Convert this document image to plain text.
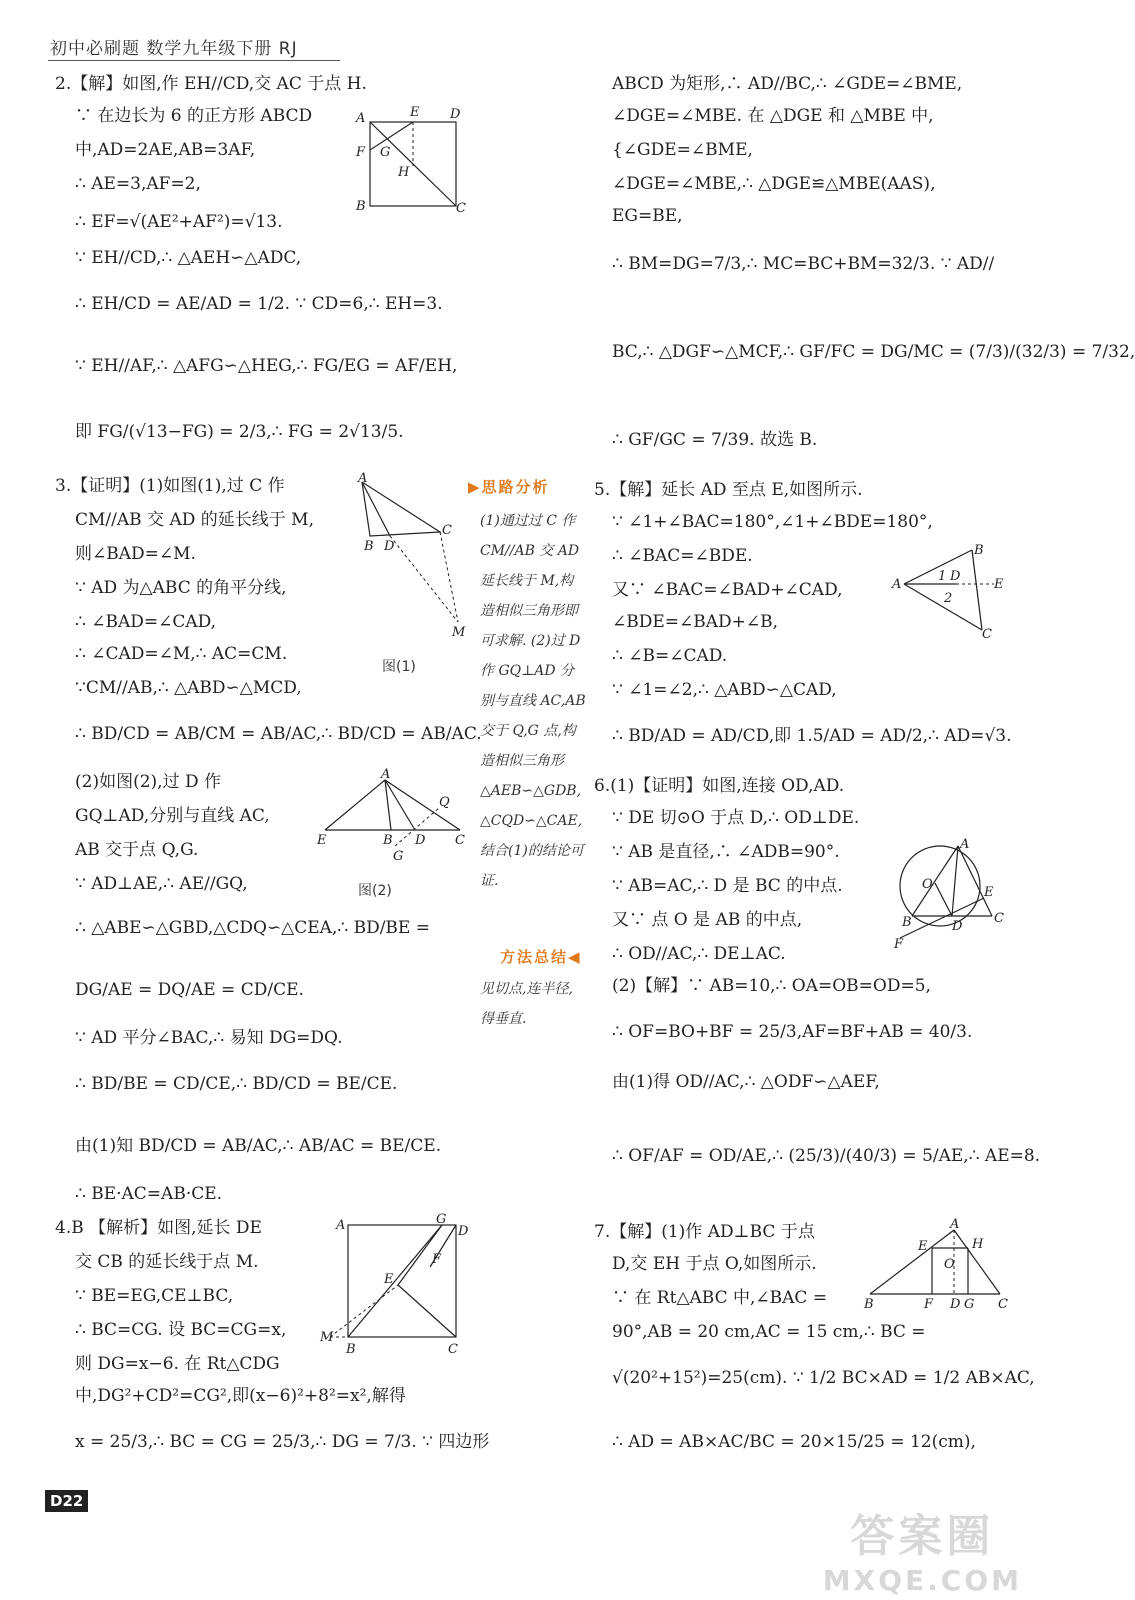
初中必刷题 数学九年级下册 RJ
2.【解】如图,作 EH//CD,交 AC 于点 H.
∵ 在边长为 6 的正方形 ABCD
中,AD=2AE,AB=3AF,
∴ AE=3,AF=2,
∴ EF=√(AE²+AF²)=√13.
∵ EH//CD,∴ △AEH∽△ADC,
∴ EH/CD = AE/AD = 1/2. ∵ CD=6,∴ EH=3.
∵ EH//AF,∴ △AFG∽△HEG,∴ FG/EG = AF/EH,
即 FG/(√13−FG) = 2/3,∴ FG = 2√13/5.
3.【证明】(1)如图(1),过 C 作
CM//AB 交 AD 的延长线于 M,
则∠BAD=∠M.
∵ AD 为△ABC 的角平分线,
∴ ∠BAD=∠CAD,
∴ ∠CAD=∠M,∴ AC=CM.
∵CM//AB,∴ △ABD∽△MCD,
∴ BD/CD = AB/CM = AB/AC,∴ BD/CD = AB/AC.
(2)如图(2),过 D 作
GQ⊥AD,分别与直线 AC,
AB 交于点 Q,G.
∵ AD⊥AE,∴ AE//GQ,
∴ △ABE∽△GBD,△CDQ∽△CEA,∴ BD/BE =
DG/AE = DQ/AE = CD/CE.
∵ AD 平分∠BAC,∴ 易知 DG=DQ.
∴ BD/BE = CD/CE,∴ BD/CD = BE/CE.
由(1)知 BD/CD = AB/AC,∴ AB/AC = BE/CE.
∴ BE·AC=AB·CE.
4.B 【解析】如图,延长 DE
交 CB 的延长线于点 M.
∵ BE=EG,CE⊥BC,
∴ BC=CG. 设 BC=CG=x,
则 DG=x−6. 在 Rt△CDG
中,DG²+CD²=CG²,即(x−6)²+8²=x²,解得
x = 25/3,∴ BC = CG = 25/3,∴ DG = 7/3. ∵ 四边形
A	E D
F G
H
B	C
A
C
B D
M
图(1)
A
Q
E	B D C
G
图(2)
▶思路分析
(1)通过过 C 作 CM//AB 交 AD 延长线于 M,构造相似三角形即可求解. (2)过 D 作 GQ⊥AD 分别与直线 AC,AB 交于 Q,G 点,构造相似三角形 △AEB∽△GDB, △CQD∽△CAE, 结合(1)的结论可证.
方法总结◀
见切点,连半径,得垂直.
A	G
D
E
F
M
B	C
ABCD 为矩形,∴ AD//BC,∴ ∠GDE=∠BME,
∠DGE=∠MBE. 在 △DGE 和 △MBE 中,
{∠GDE=∠BME,
∠DGE=∠MBE,∴ △DGE≌△MBE(AAS),
EG=BE,
∴ BM=DG=7/3,∴ MC=BC+BM=32/3. ∵ AD//
BC,∴ △DGF∽△MCF,∴ GF/FC = DG/MC = (7/3)/(32/3) = 7/32,
∴ GF/GC = 7/39. 故选 B.
5.【解】延长 AD 至点 E,如图所示.
∵ ∠1+∠BAC=180°,∠1+∠BDE=180°,
∴ ∠BAC=∠BDE.
又∵ ∠BAC=∠BAD+∠CAD,
∠BDE=∠BAD+∠B,
∴ ∠B=∠CAD.
∵ ∠1=∠2,∴ △ABD∽△CAD,
∴ BD/AD = AD/CD,即 1.5/AD = AD/2,∴ AD=√3.
6.(1)【证明】如图,连接 OD,AD.
∵ DE 切⊙O 于点 D,∴ OD⊥DE.
∵ AB 是直径,∴ ∠ADB=90°.
∵ AB=AC,∴ D 是 BC 的中点.
又∵ 点 O 是 AB 的中点,
∴ OD//AC,∴ DE⊥AC.
(2)【解】∵ AB=10,∴ OA=OB=OD=5,
∴ OF=BO+BF = 25/3,AF=BF+AB = 40/3.
由(1)得 OD//AC,∴ △ODF∽△AEF,
∴ OF/AF = OD/AE,∴ (25/3)/(40/3) = 5/AE,∴ AE=8.
7.【解】(1)作 AD⊥BC 于点
D,交 EH 于点 O,如图所示.
∵ 在 Rt△ABC 中,∠BAC =
90°,AB = 20 cm,AC = 15 cm,∴ BC =
√(20²+15²)=25(cm). ∵ 1/2 BC×AD = 1/2 AB×AC,
∴ AD = AB×AC/BC = 20×15/25 = 12(cm),
A
B
D
1
2
E
C
A
O
E
B	D
C
F
A
E	H
O
B	F D G C
D22
答案圈
MXQE.COM
